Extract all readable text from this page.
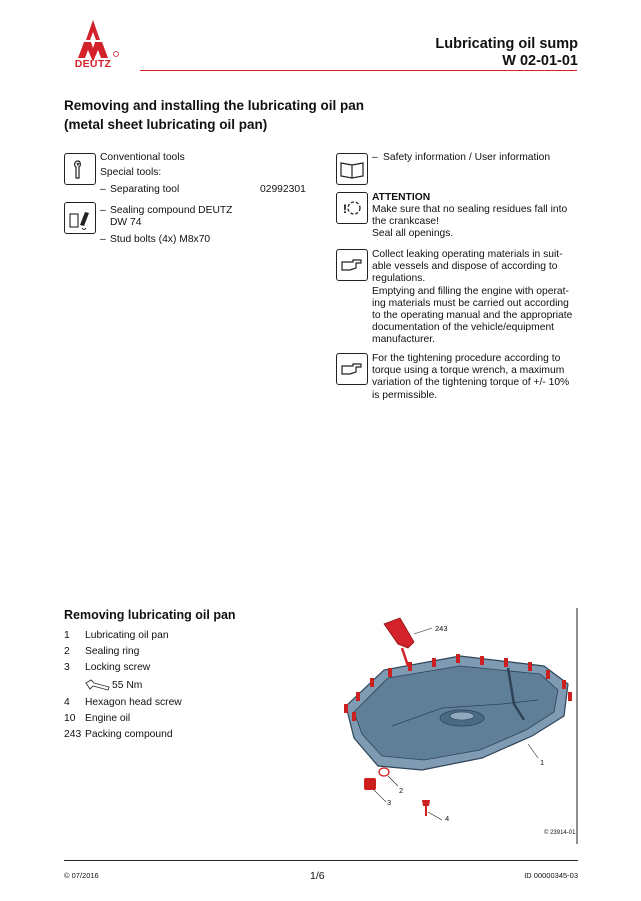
DEUTZ
Lubricating oil sump
W 02-01-01
Removing and installing the lubricating oil pan
(metal sheet lubricating oil pan)
Conventional tools
Special tools:
– Separating tool	02992301
– Sealing compound DEUTZ
DW 74
– Stud bolts (4x) M8x70
– Safety information / User information
!
ATTENTION
Make sure that no sealing residues fall into
the crankcase!
Seal all openings.
Collect leaking operating materials in suit-
able vessels and dispose of according to
regulations.
Emptying and filling the engine with operat-
ing materials must be carried out according
to the operating manual and the appropriate
documentation of the vehicle/equipment
manufacturer.
For the tightening procedure according to
torque using a torque wrench, a maximum
variation of the tightening torque of +/- 10%
is permissible.
Removing lubricating oil pan
1 Lubricating oil pan
2 Sealing ring
3 Locking screw
55 Nm
4 Hexagon head screw
10 Engine oil
243 Packing compound
243
1
2
3
4
© 23914-01
© 07/2016	1/6	ID 00000345-03
